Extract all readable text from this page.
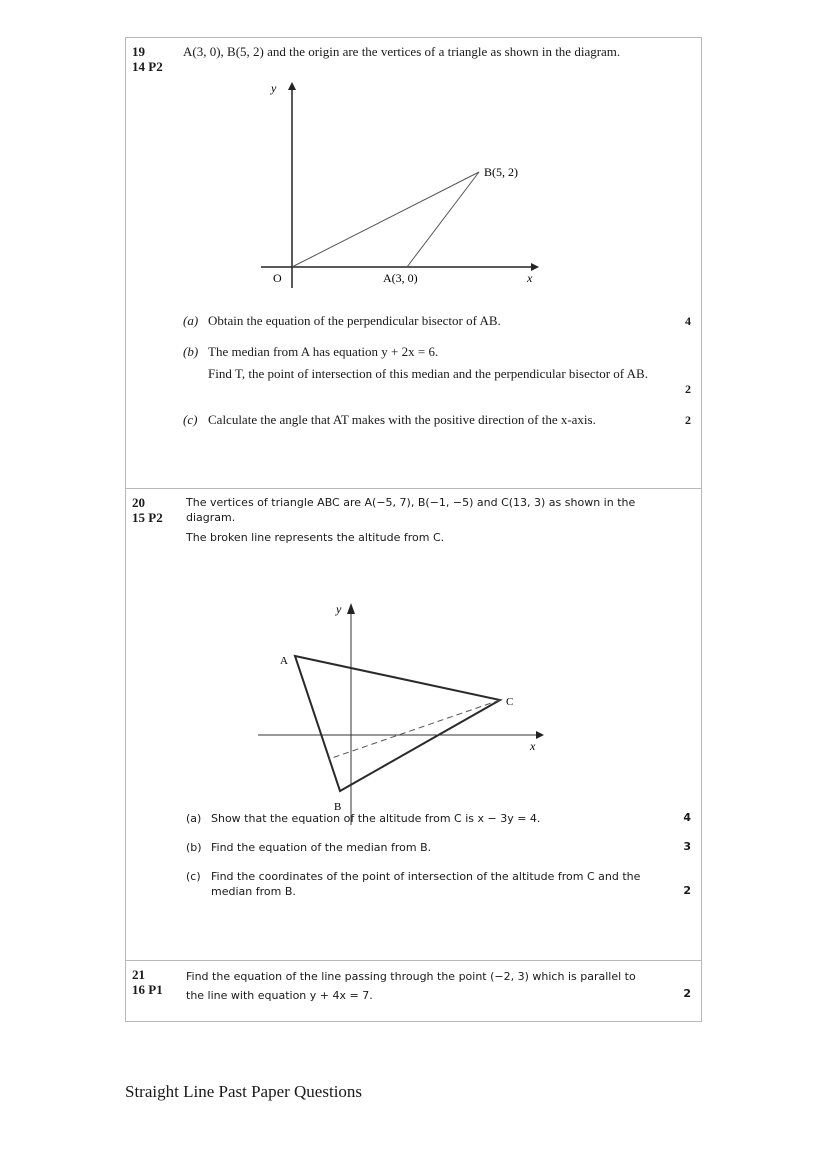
19
14 P2
A(3, 0), B(5, 2) and the origin are the vertices of a triangle as shown in the diagram.
y
x
O	A(3, 0)
B(5, 2)
(a) Obtain the equation of the perpendicular bisector of AB.	4
(b) The median from A has equation y + 2x = 6.
Find T, the point of intersection of this median and the perpendicular bisector of AB.
2
(c) Calculate the angle that AT makes with the positive direction of the x-axis.	2
20
15 P2
The vertices of triangle ABC are A(−5, 7), B(−1, −5) and C(13, 3) as shown in the diagram.
The broken line represents the altitude from C.
y
x
A
B
C
(a) Show that the equation of the altitude from C is x − 3y = 4.	4
(b) Find the equation of the median from B.	3
(c) Find the coordinates of the point of intersection of the altitude from C and the median from B.	2
21
16 P1
Find the equation of the line passing through the point (−2, 3) which is parallel to the line with equation y + 4x = 7.	2
Straight Line Past Paper Questions
